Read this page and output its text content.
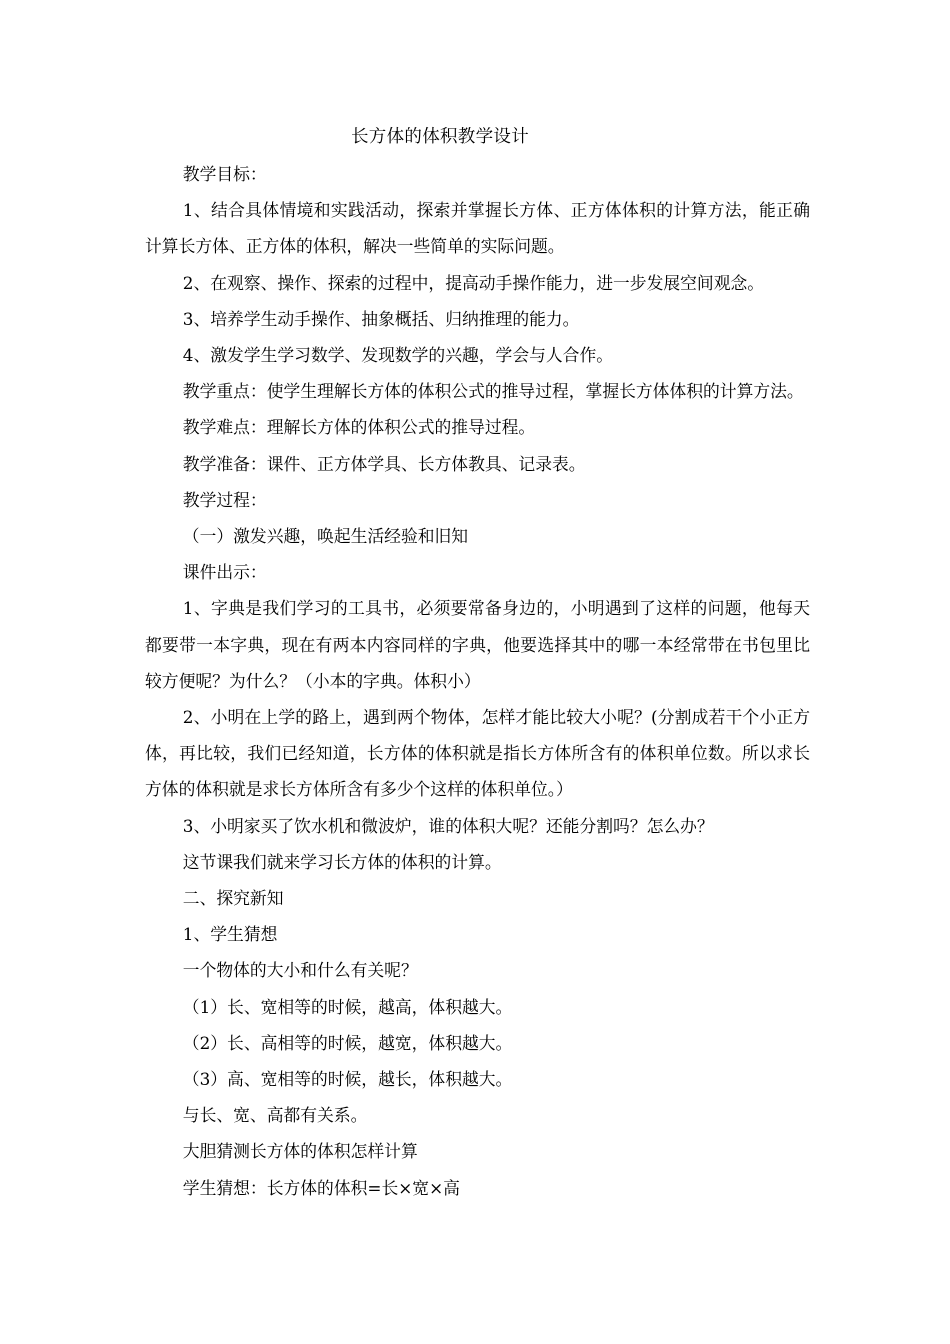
长方体的体积教学设计

教学目标：

1、结合具体情境和实践活动，探索并掌握长方体、正方体体积的计算方法，能正确计算长方体、正方体的体积，解决一些简单的实际问题。

2、在观察、操作、探索的过程中，提高动手操作能力，进一步发展空间观念。

3、培养学生动手操作、抽象概括、归纳推理的能力。

4、激发学生学习数学、发现数学的兴趣，学会与人合作。

教学重点：使学生理解长方体的体积公式的推导过程，掌握长方体体积的计算方法。

教学难点：理解长方体的体积公式的推导过程。

教学准备：课件、正方体学具、长方体教具、记录表。

教学过程：

（一）激发兴趣，唤起生活经验和旧知

课件出示：

1、字典是我们学习的工具书，必须要常备身边的，小明遇到了这样的问题，他每天都要带一本字典，现在有两本内容同样的字典，他要选择其中的哪一本经常带在书包里比较方便呢？为什么？（小本的字典。体积小）

2、小明在上学的路上，遇到两个物体，怎样才能比较大小呢？(分割成若干个小正方体，再比较，我们已经知道，长方体的体积就是指长方体所含有的体积单位数。所以求长方体的体积就是求长方体所含有多少个这样的体积单位。）

3、小明家买了饮水机和微波炉，谁的体积大呢？还能分割吗？怎么办？

这节课我们就来学习长方体的体积的计算。

二、探究新知

1、学生猜想

一个物体的大小和什么有关呢？

（1）长、宽相等的时候，越高，体积越大。

（2）长、高相等的时候，越宽，体积越大。

（3）高、宽相等的时候，越长，体积越大。

与长、宽、高都有关系。

大胆猜测长方体的体积怎样计算

学生猜想：长方体的体积=长×宽×高
